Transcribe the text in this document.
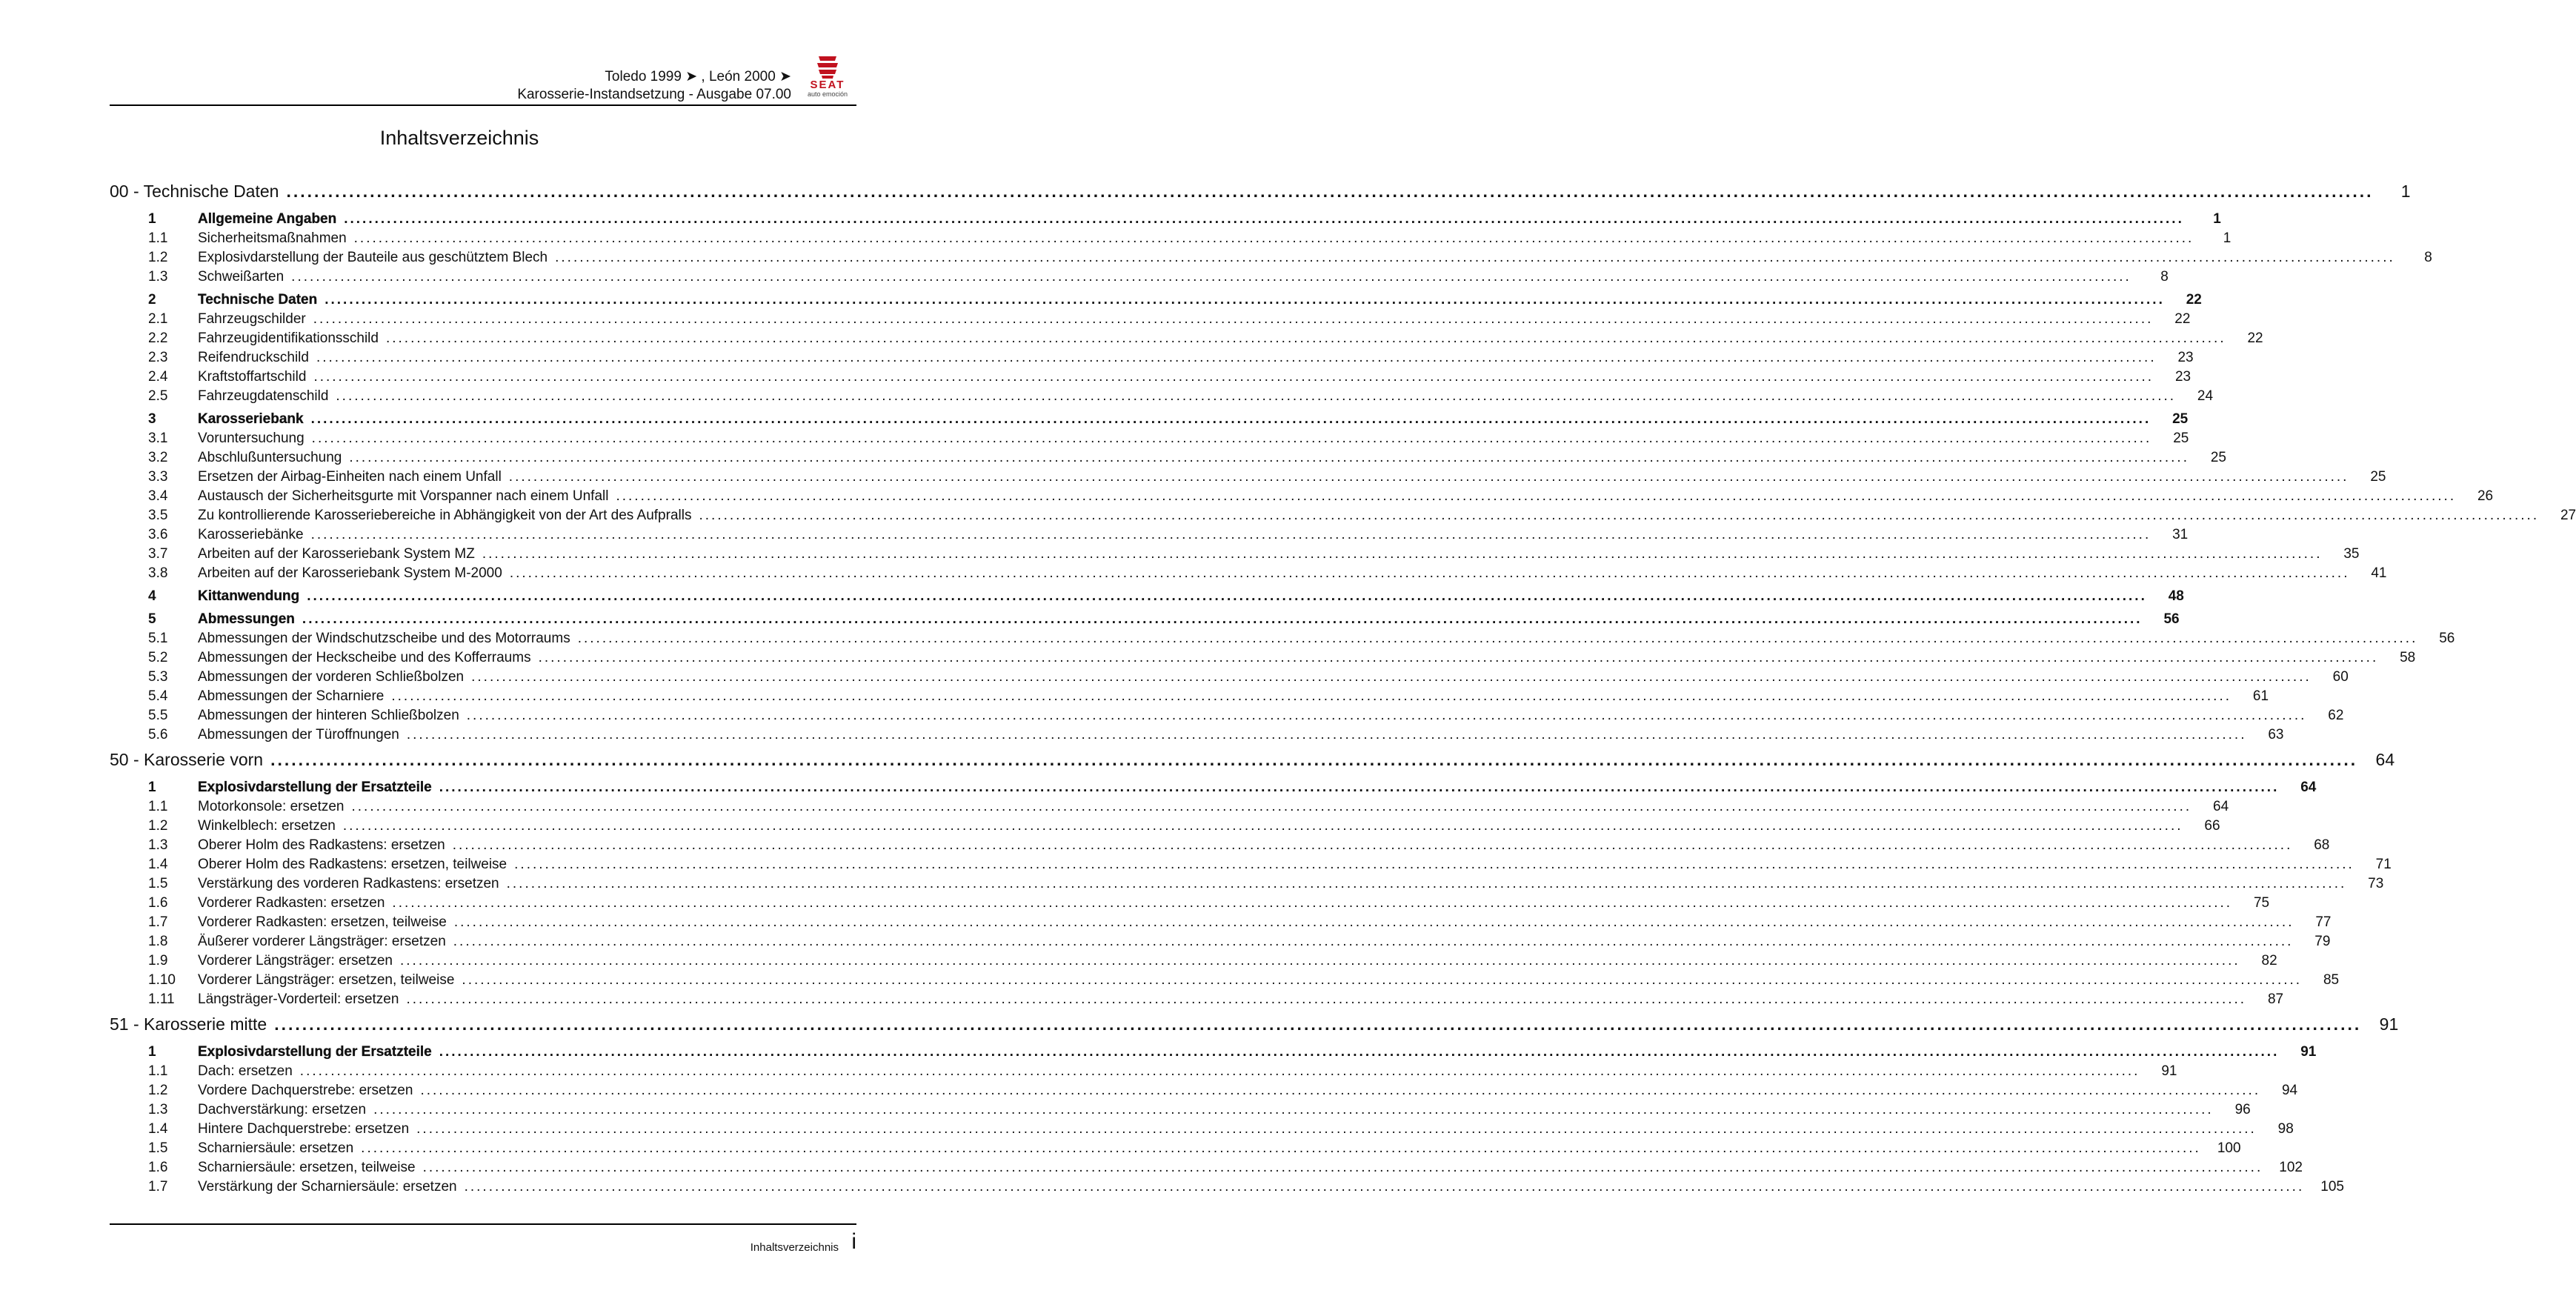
Toledo 1999 ➤ , León 2000 ➤
Karosserie-Instandsetzung - Ausgabe 07.00
SEAT
auto emoción
Inhaltsverzeichnis
00 - Technische Daten ............................................................................................................................................................................................................................................................................................................	1
1	Allgemeine Angaben ............................................................................................................................................................................................................................................................................................................	1
1.1 Sicherheitsmaßnahmen ............................................................................................................................................................................................................................................................................................................	1
1.2 Explosivdarstellung der Bauteile aus geschütztem Blech ............................................................................................................................................................................................................................................................................................................	8
1.3 Schweißarten ............................................................................................................................................................................................................................................................................................................	8
2	Technische Daten ............................................................................................................................................................................................................................................................................................................	22
2.1 Fahrzeugschilder ............................................................................................................................................................................................................................................................................................................	22
2.2 Fahrzeugidentifikationsschild ............................................................................................................................................................................................................................................................................................................	22
2.3 Reifendruckschild ............................................................................................................................................................................................................................................................................................................	23
2.4 Kraftstoffartschild ............................................................................................................................................................................................................................................................................................................	23
2.5 Fahrzeugdatenschild ............................................................................................................................................................................................................................................................................................................	24
3	Karosseriebank ............................................................................................................................................................................................................................................................................................................	25
3.1 Voruntersuchung ............................................................................................................................................................................................................................................................................................................	25
3.2 Abschlußuntersuchung ............................................................................................................................................................................................................................................................................................................	25
3.3 Ersetzen der Airbag-Einheiten nach einem Unfall ............................................................................................................................................................................................................................................................................................................	25
3.4 Austausch der Sicherheitsgurte mit Vorspanner nach einem Unfall ............................................................................................................................................................................................................................................................................................................	26
3.5 Zu kontrollierende Karosseriebereiche in Abhängigkeit von der Art des Aufpralls ............................................................................................................................................................................................................................................................................................................	27
3.6 Karosseriebänke ............................................................................................................................................................................................................................................................................................................	31
3.7 Arbeiten auf der Karosseriebank System MZ ............................................................................................................................................................................................................................................................................................................	35
3.8 Arbeiten auf der Karosseriebank System M-2000 ............................................................................................................................................................................................................................................................................................................	41
4	Kittanwendung ............................................................................................................................................................................................................................................................................................................	48
5	Abmessungen ............................................................................................................................................................................................................................................................................................................	56
5.1 Abmessungen der Windschutzscheibe und des Motorraums ............................................................................................................................................................................................................................................................................................................	56
5.2 Abmessungen der Heckscheibe und des Kofferraums ............................................................................................................................................................................................................................................................................................................	58
5.3 Abmessungen der vorderen Schließbolzen ............................................................................................................................................................................................................................................................................................................	60
5.4 Abmessungen der Scharniere ............................................................................................................................................................................................................................................................................................................	61
5.5 Abmessungen der hinteren Schließbolzen ............................................................................................................................................................................................................................................................................................................	62
5.6 Abmessungen der Türoffnungen ............................................................................................................................................................................................................................................................................................................	63
50 - Karosserie vorn ............................................................................................................................................................................................................................................................................................................ 64
1	Explosivdarstellung der Ersatzteile ............................................................................................................................................................................................................................................................................................................	64
1.1 Motorkonsole: ersetzen ............................................................................................................................................................................................................................................................................................................	64
1.2 Winkelblech: ersetzen ............................................................................................................................................................................................................................................................................................................	66
1.3 Oberer Holm des Radkastens: ersetzen ............................................................................................................................................................................................................................................................................................................	68
1.4 Oberer Holm des Radkastens: ersetzen, teilweise ............................................................................................................................................................................................................................................................................................................	71
1.5 Verstärkung des vorderen Radkastens: ersetzen ............................................................................................................................................................................................................................................................................................................	73
1.6 Vorderer Radkasten: ersetzen ............................................................................................................................................................................................................................................................................................................	75
1.7 Vorderer Radkasten: ersetzen, teilweise ............................................................................................................................................................................................................................................................................................................	77
1.8 Äußerer vorderer Längsträger: ersetzen ............................................................................................................................................................................................................................................................................................................	79
1.9 Vorderer Längsträger: ersetzen ............................................................................................................................................................................................................................................................................................................	82
1.10 Vorderer Längsträger: ersetzen, teilweise ............................................................................................................................................................................................................................................................................................................	85
1.11 Längsträger-Vorderteil: ersetzen ............................................................................................................................................................................................................................................................................................................	87
51 - Karosserie mitte ............................................................................................................................................................................................................................................................................................................ 91
1	Explosivdarstellung der Ersatzteile ............................................................................................................................................................................................................................................................................................................	91
1.1 Dach: ersetzen ............................................................................................................................................................................................................................................................................................................	91
1.2 Vordere Dachquerstrebe: ersetzen ............................................................................................................................................................................................................................................................................................................	94
1.3 Dachverstärkung: ersetzen ............................................................................................................................................................................................................................................................................................................	96
1.4 Hintere Dachquerstrebe: ersetzen ............................................................................................................................................................................................................................................................................................................	98
1.5 Scharniersäule: ersetzen ............................................................................................................................................................................................................................................................................................................ 100
1.6 Scharniersäule: ersetzen, teilweise ............................................................................................................................................................................................................................................................................................................ 102
1.7 Verstärkung der Scharniersäule: ersetzen ............................................................................................................................................................................................................................................................................................................ 105
Inhaltsverzeichnis i
